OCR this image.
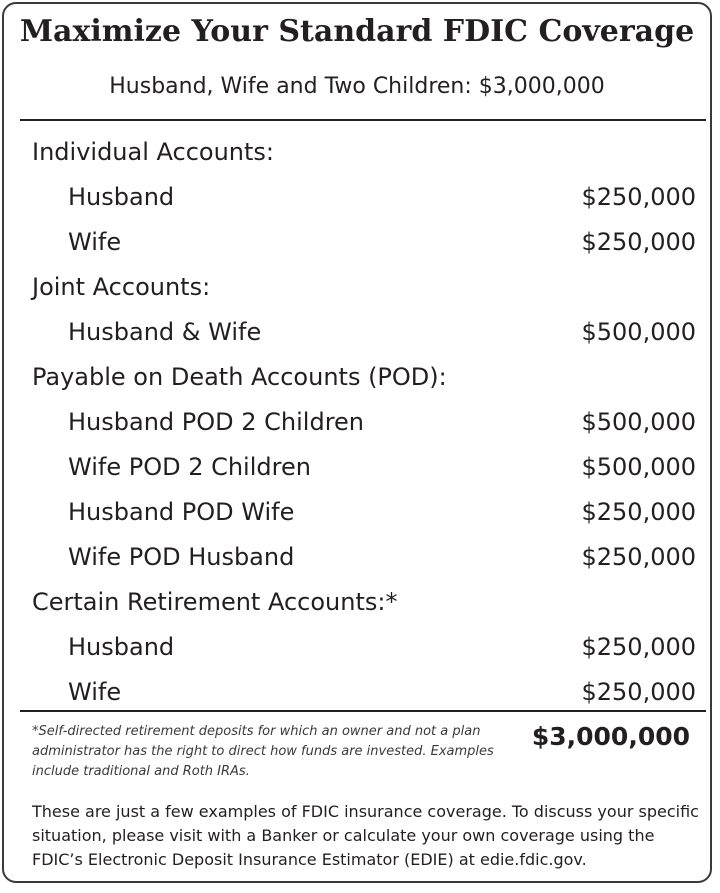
Maximize Your Standard FDIC Coverage
Husband, Wife and Two Children: $3,000,000
Individual Accounts:
Husband	$250,000
Wife	$250,000
Joint Accounts:
Husband & Wife	$500,000
Payable on Death Accounts (POD):
Husband POD 2 Children	$500,000
Wife POD 2 Children	$500,000
Husband POD Wife	$250,000
Wife POD Husband	$250,000
Certain Retirement Accounts:*
Husband	$250,000
Wife	$250,000
*Self-directed retirement deposits for which an owner and not a plan administrator has the right to direct how funds are invested. Examples include traditional and Roth IRAs.
$3,000,000
These are just a few examples of FDIC insurance coverage. To discuss your specific situation, please visit with a Banker or calculate your own coverage using the FDIC’s Electronic Deposit Insurance Estimator (EDIE) at edie.fdic.gov.
